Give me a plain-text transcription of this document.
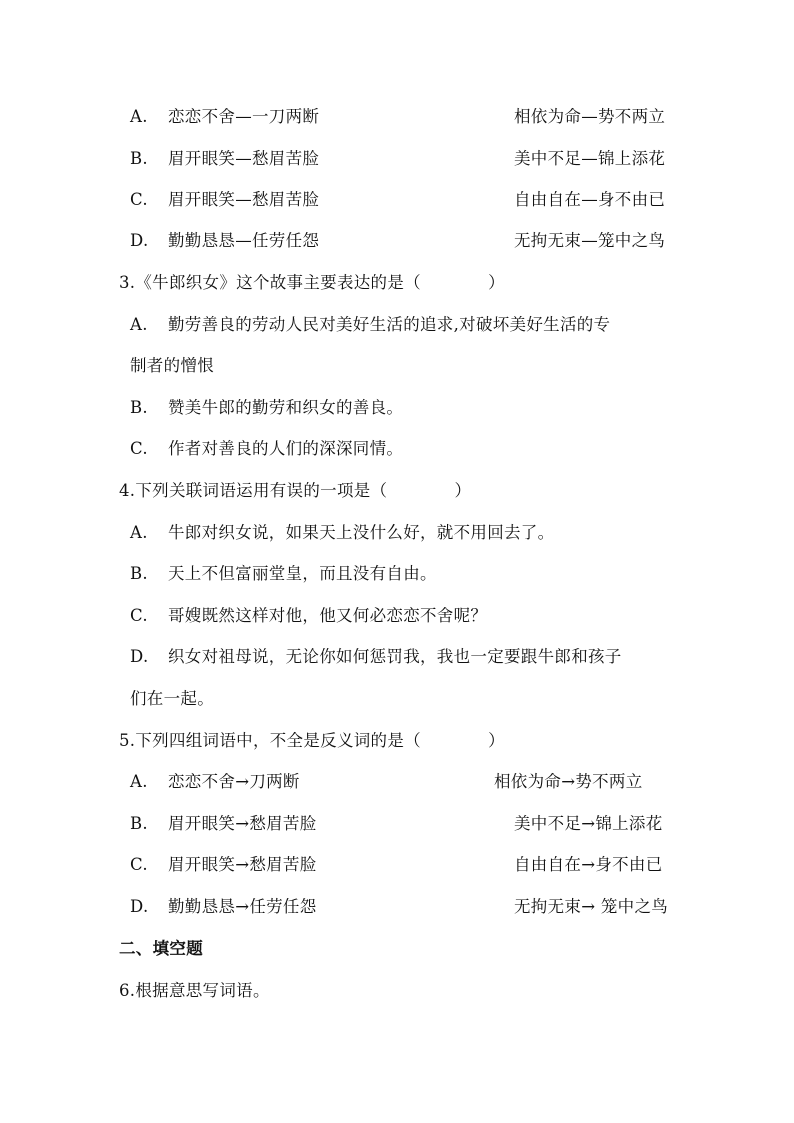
A. 恋恋不舍—一刀两断	相依为命—势不两立
B. 眉开眼笑—愁眉苦脸	美中不足—锦上添花
C. 眉开眼笑—愁眉苦脸	自由自在—身不由已
D. 勤勤恳恳—任劳任怨	无拘无束—笼中之鸟
3.《牛郎织女》这个故事主要表达的是（　　　　）
A. 勤劳善良的劳动人民对美好生活的追求,对破坏美好生活的专
制者的憎恨
B. 赞美牛郎的勤劳和织女的善良。
C. 作者对善良的人们的深深同情。
4.下列关联词语运用有误的一项是（　　　　）
A. 牛郎对织女说，如果天上没什么好，就不用回去了。
B. 天上不但富丽堂皇，而且没有自由。
C. 哥嫂既然这样对他，他又何必恋恋不舍呢？
D. 织女对祖母说，无论你如何惩罚我，我也一定要跟牛郎和孩子
们在一起。
5.下列四组词语中，不全是反义词的是（　　　　）
A. 恋恋不舍→刀两断	相依为命→势不两立
B. 眉开眼笑→愁眉苦脸	美中不足→锦上添花
C. 眉开眼笑→愁眉苦脸	自由自在→身不由已
D. 勤勤恳恳→任劳任怨	无拘无束→ 笼中之鸟
二、填空题
6.根据意思写词语。
